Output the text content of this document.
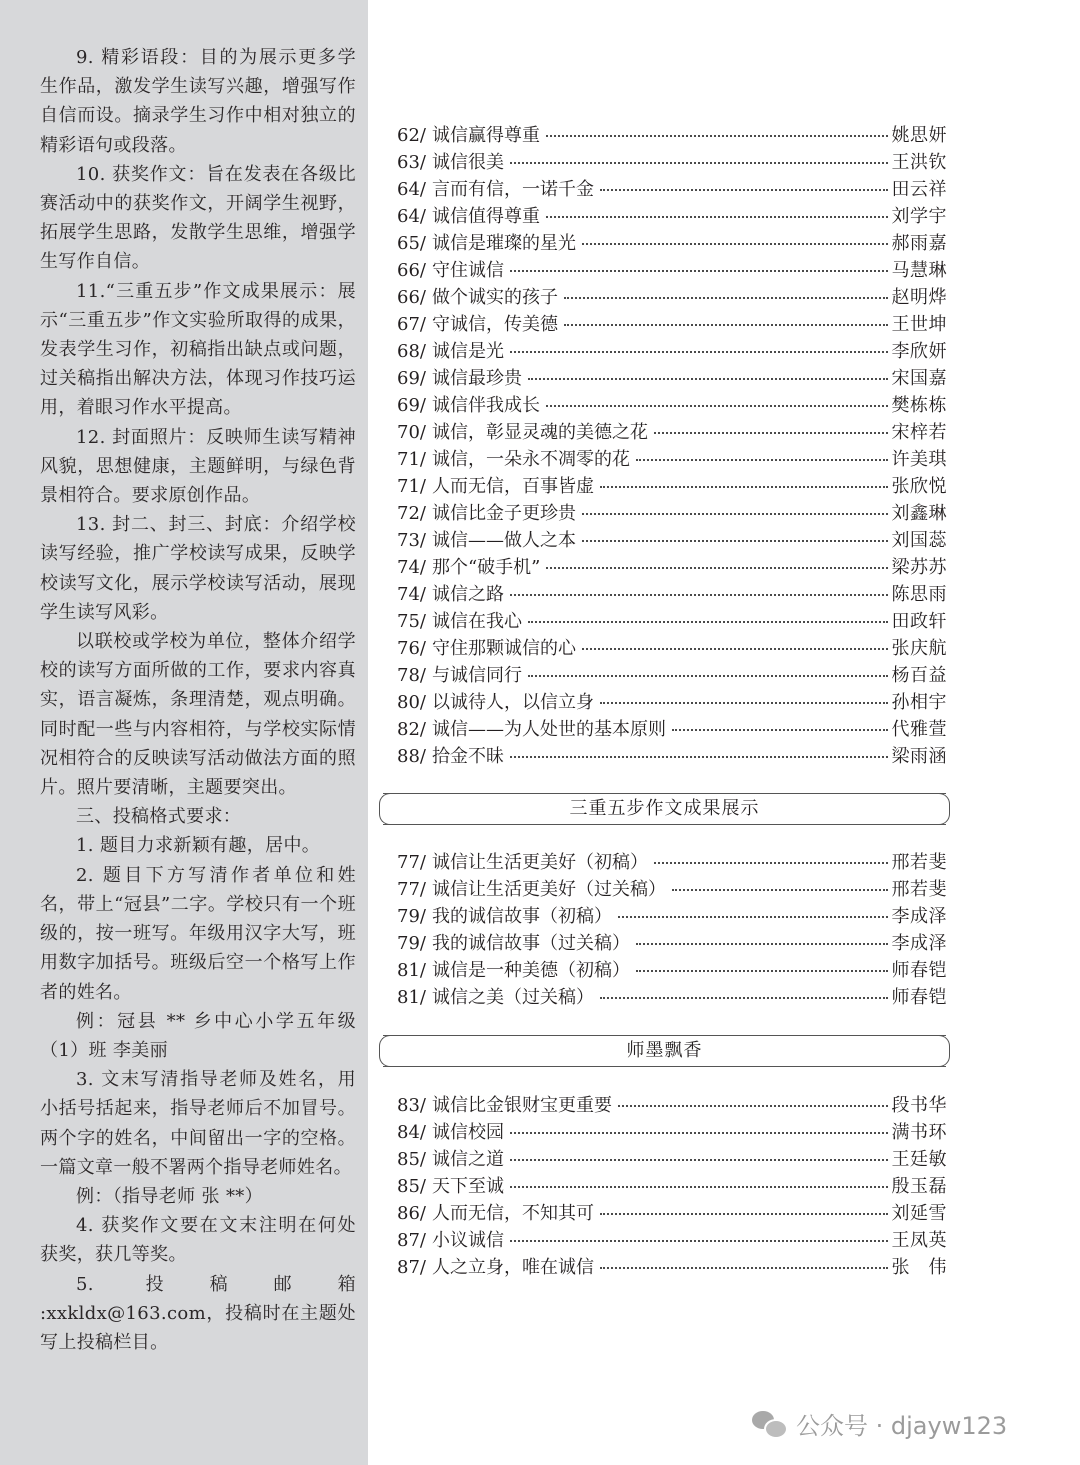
9. 精彩语段：目的为展示更多学生作品，激发学生读写兴趣，增强写作自信而设。摘录学生习作中相对独立的精彩语句或段落。

10. 获奖作文：旨在发表在各级比赛活动中的获奖作文，开阔学生视野，拓展学生思路，发散学生思维，增强学生写作自信。

11.“三重五步”作文成果展示：展示“三重五步”作文实验所取得的成果，发表学生习作，初稿指出缺点或问题，过关稿指出解决方法，体现习作技巧运用，着眼习作水平提高。

12. 封面照片：反映师生读写精神风貌，思想健康，主题鲜明，与绿色背景相符合。要求原创作品。

13. 封二、封三、封底：介绍学校读写经验，推广学校读写成果，反映学校读写文化，展示学校读写活动，展现学生读写风彩。

以联校或学校为单位，整体介绍学校的读写方面所做的工作，要求内容真实，语言凝炼，条理清楚，观点明确。同时配一些与内容相符，与学校实际情况相符合的反映读写活动做法方面的照片。照片要清晰，主题要突出。

三、投稿格式要求：

1. 题目力求新颖有趣，居中。

2. 题目下方写清作者单位和姓名，带上“冠县”二字。学校只有一个班级的，按一班写。年级用汉字大写，班用数字加括号。班级后空一个格写上作者的姓名。

例：冠县 ** 乡中心小学五年级（1）班 李美丽

3. 文末写清指导老师及姓名，用小括号括起来，指导老师后不加冒号。两个字的姓名，中间留出一字的空格。一篇文章一般不署两个指导老师姓名。

例：（指导老师 张 **）

4. 获奖作文要在文末注明在何处获奖，获几等奖。

5. 投稿邮箱 :xxkldx@163.com，投稿时在主题处写上投稿栏目。

62/ 诚信赢得尊重	姚思妍
63/ 诚信很美	王洪钦
64/ 言而有信，一诺千金	田云祥
64/ 诚信值得尊重	刘学宇
65/ 诚信是璀璨的星光	郝雨嘉
66/ 守住诚信	马慧琳
66/ 做个诚实的孩子	赵明烨
67/ 守诚信，传美德	王世坤
68/ 诚信是光	李欣妍
69/ 诚信最珍贵	宋国嘉
69/ 诚信伴我成长	樊栋栋
70/ 诚信，彰显灵魂的美德之花	宋梓若
71/ 诚信，一朵永不凋零的花	许美琪
71/ 人而无信，百事皆虚	张欣悦
72/ 诚信比金子更珍贵	刘鑫琳
73/ 诚信——做人之本	刘国蕊
74/ 那个“破手机”	梁苏苏
74/ 诚信之路	陈思雨
75/ 诚信在我心	田政轩
76/ 守住那颗诚信的心	张庆航
78/ 与诚信同行	杨百益
80/ 以诚待人，以信立身	孙相宇
82/ 诚信——为人处世的基本原则	代雅萱
88/ 拾金不昧	梁雨涵
三重五步作文成果展示
77/ 诚信让生活更美好（初稿）	邢若斐
77/ 诚信让生活更美好（过关稿）	邢若斐
79/ 我的诚信故事（初稿）	李成泽
79/ 我的诚信故事（过关稿）	李成泽
81/ 诚信是一种美德（初稿）	师春铠
81/ 诚信之美（过关稿）	师春铠
师墨飘香
83/ 诚信比金银财宝更重要	段书华
84/ 诚信校园	满书环
85/ 诚信之道	王廷敏
85/ 天下至诚	殷玉磊
86/ 人而无信，不知其可	刘延雪
87/ 小议诚信	王凤英
87/ 人之立身，唯在诚信	张　伟
公众号 · djayw123
